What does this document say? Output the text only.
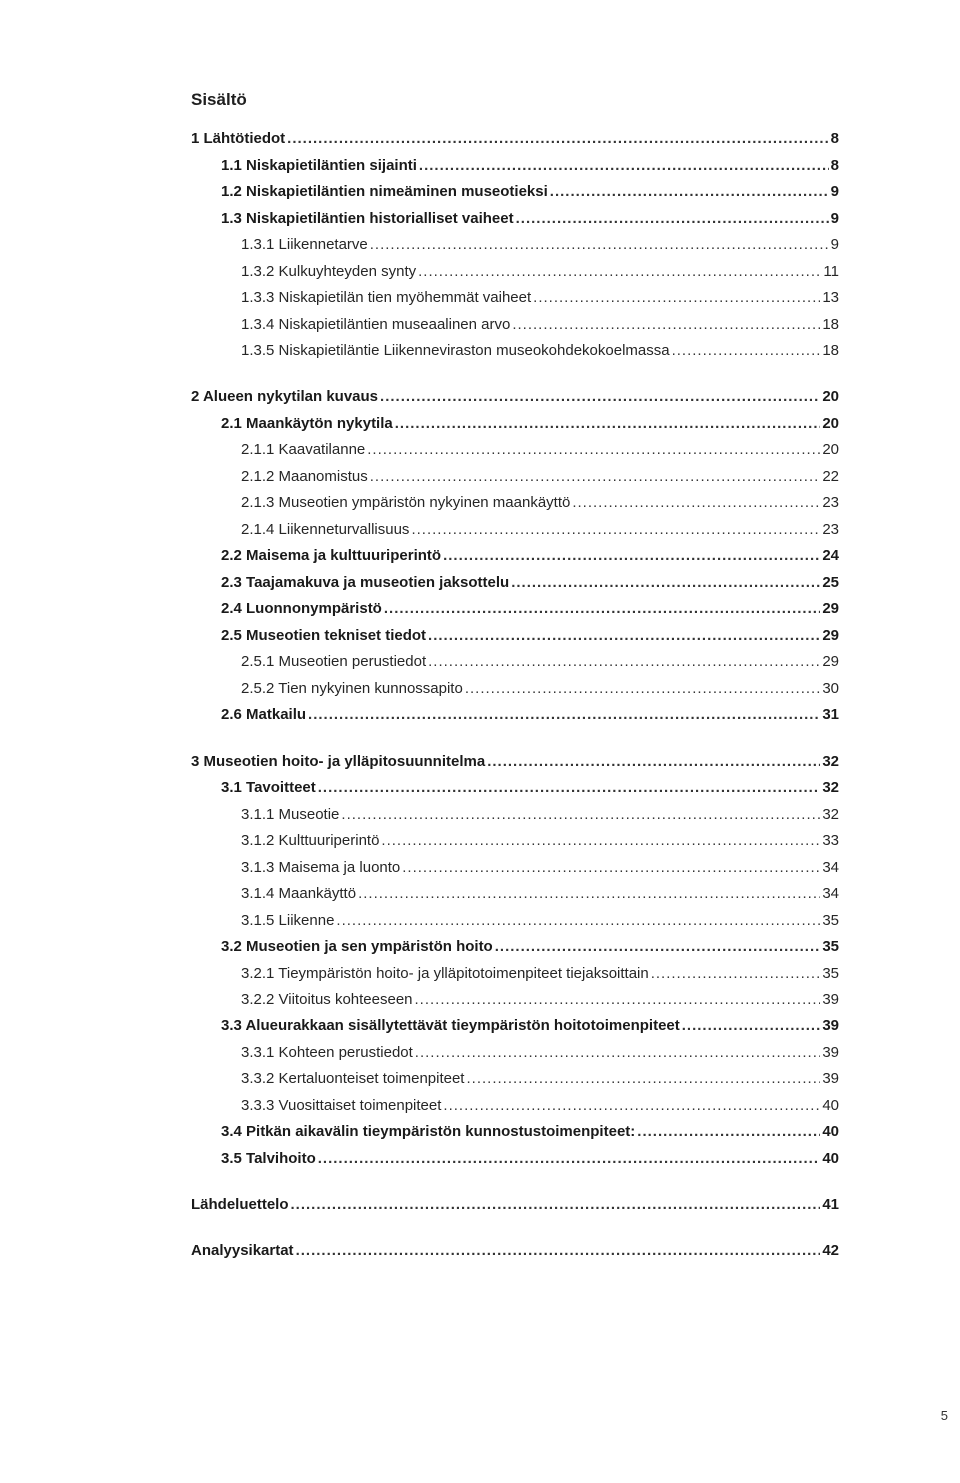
Sisältö
1 Lähtötiedot .....	8
1.1 Niskapietiläntien sijainti .....	8
1.2 Niskapietiläntien nimeäminen museotieksi .....	9
1.3 Niskapietiläntien historialliset vaiheet .....	9
1.3.1 Liikennetarve .....	9
1.3.2 Kulkuyhteyden synty .....	11
1.3.3 Niskapietilän tien myöhemmät vaiheet .....	13
1.3.4 Niskapietiläntien museaalinen arvo .....	18
1.3.5 Niskapietiläntie Liikenneviraston museokohdekokoelmassa .....	18
2 Alueen nykytilan kuvaus .....	20
2.1 Maankäytön nykytila .....	20
2.1.1 Kaavatilanne .....	20
2.1.2 Maanomistus .....	22
2.1.3 Museotien ympäristön nykyinen maankäyttö .....	23
2.1.4 Liikenneturvallisuus .....	23
2.2 Maisema ja kulttuuriperintö .....	24
2.3 Taajamakuva ja museotien jaksottelu .....	25
2.4 Luonnonympäristö .....	29
2.5 Museotien tekniset tiedot .....	29
2.5.1 Museotien perustiedot .....	29
2.5.2 Tien nykyinen kunnossapito .....	30
2.6 Matkailu .....	31
3 Museotien hoito- ja ylläpitosuunnitelma .....	32
3.1 Tavoitteet .....	32
3.1.1 Museotie .....	32
3.1.2 Kulttuuriperintö .....	33
3.1.3 Maisema ja luonto .....	34
3.1.4 Maankäyttö .....	34
3.1.5 Liikenne .....	35
3.2 Museotien ja sen ympäristön hoito .....	35
3.2.1 Tieympäristön hoito- ja ylläpitotoimenpiteet tiejaksoittain .....	35
3.2.2 Viitoitus kohteeseen .....	39
3.3 Alueurakkaan sisällytettävät tieympäristön hoitotoimenpiteet .....	39
3.3.1 Kohteen perustiedot .....	39
3.3.2 Kertaluonteiset toimenpiteet .....	39
3.3.3 Vuosittaiset toimenpiteet .....	40
3.4 Pitkän aikavälin tieympäristön kunnostustoimenpiteet: .....	40
3.5 Talvihoito .....	40
Lähdeluettelo .....	41
Analyysikartat .....	42
5
